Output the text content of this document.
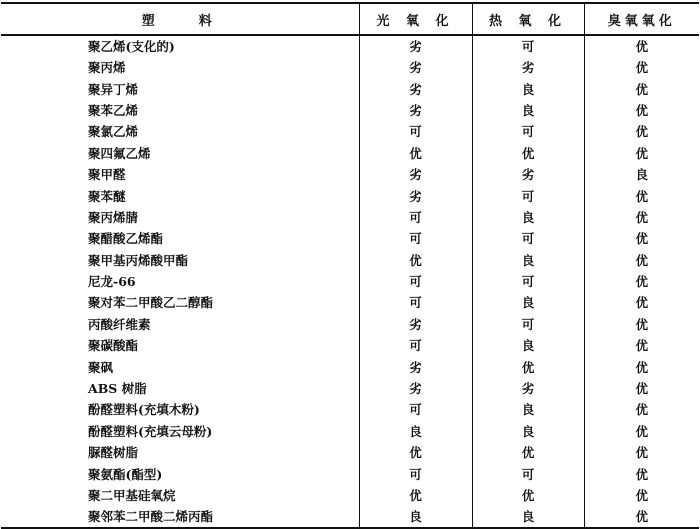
塑　　料	光 氧 化	热 氧 化	臭氧氧化
聚乙烯(支化的)	劣	可	优
聚丙烯	劣	劣	优
聚异丁烯	劣	良	优
聚苯乙烯	劣	良	优
聚氯乙烯	可	可	优
聚四氟乙烯	优	优	优
聚甲醛	劣	劣	良
聚苯醚	劣	可	优
聚丙烯腈	可	良	优
聚醋酸乙烯酯	可	可	优
聚甲基丙烯酸甲酯	优	良	优
尼龙-66	可	可	优
聚对苯二甲酸乙二醇酯	可	良	优
丙酸纤维素	劣	可	优
聚碳酸酯	可	良	优
聚砜	劣	优	优
ABS 树脂	劣	劣	优
酚醛塑料(充填木粉)	可	良	优
酚醛塑料(充填云母粉)	良	良	优
脲醛树脂	优	优	优
聚氨酯(酯型)	可	可	优
聚二甲基硅氧烷	优	优	优
聚邻苯二甲酸二烯丙酯	良	良	优
